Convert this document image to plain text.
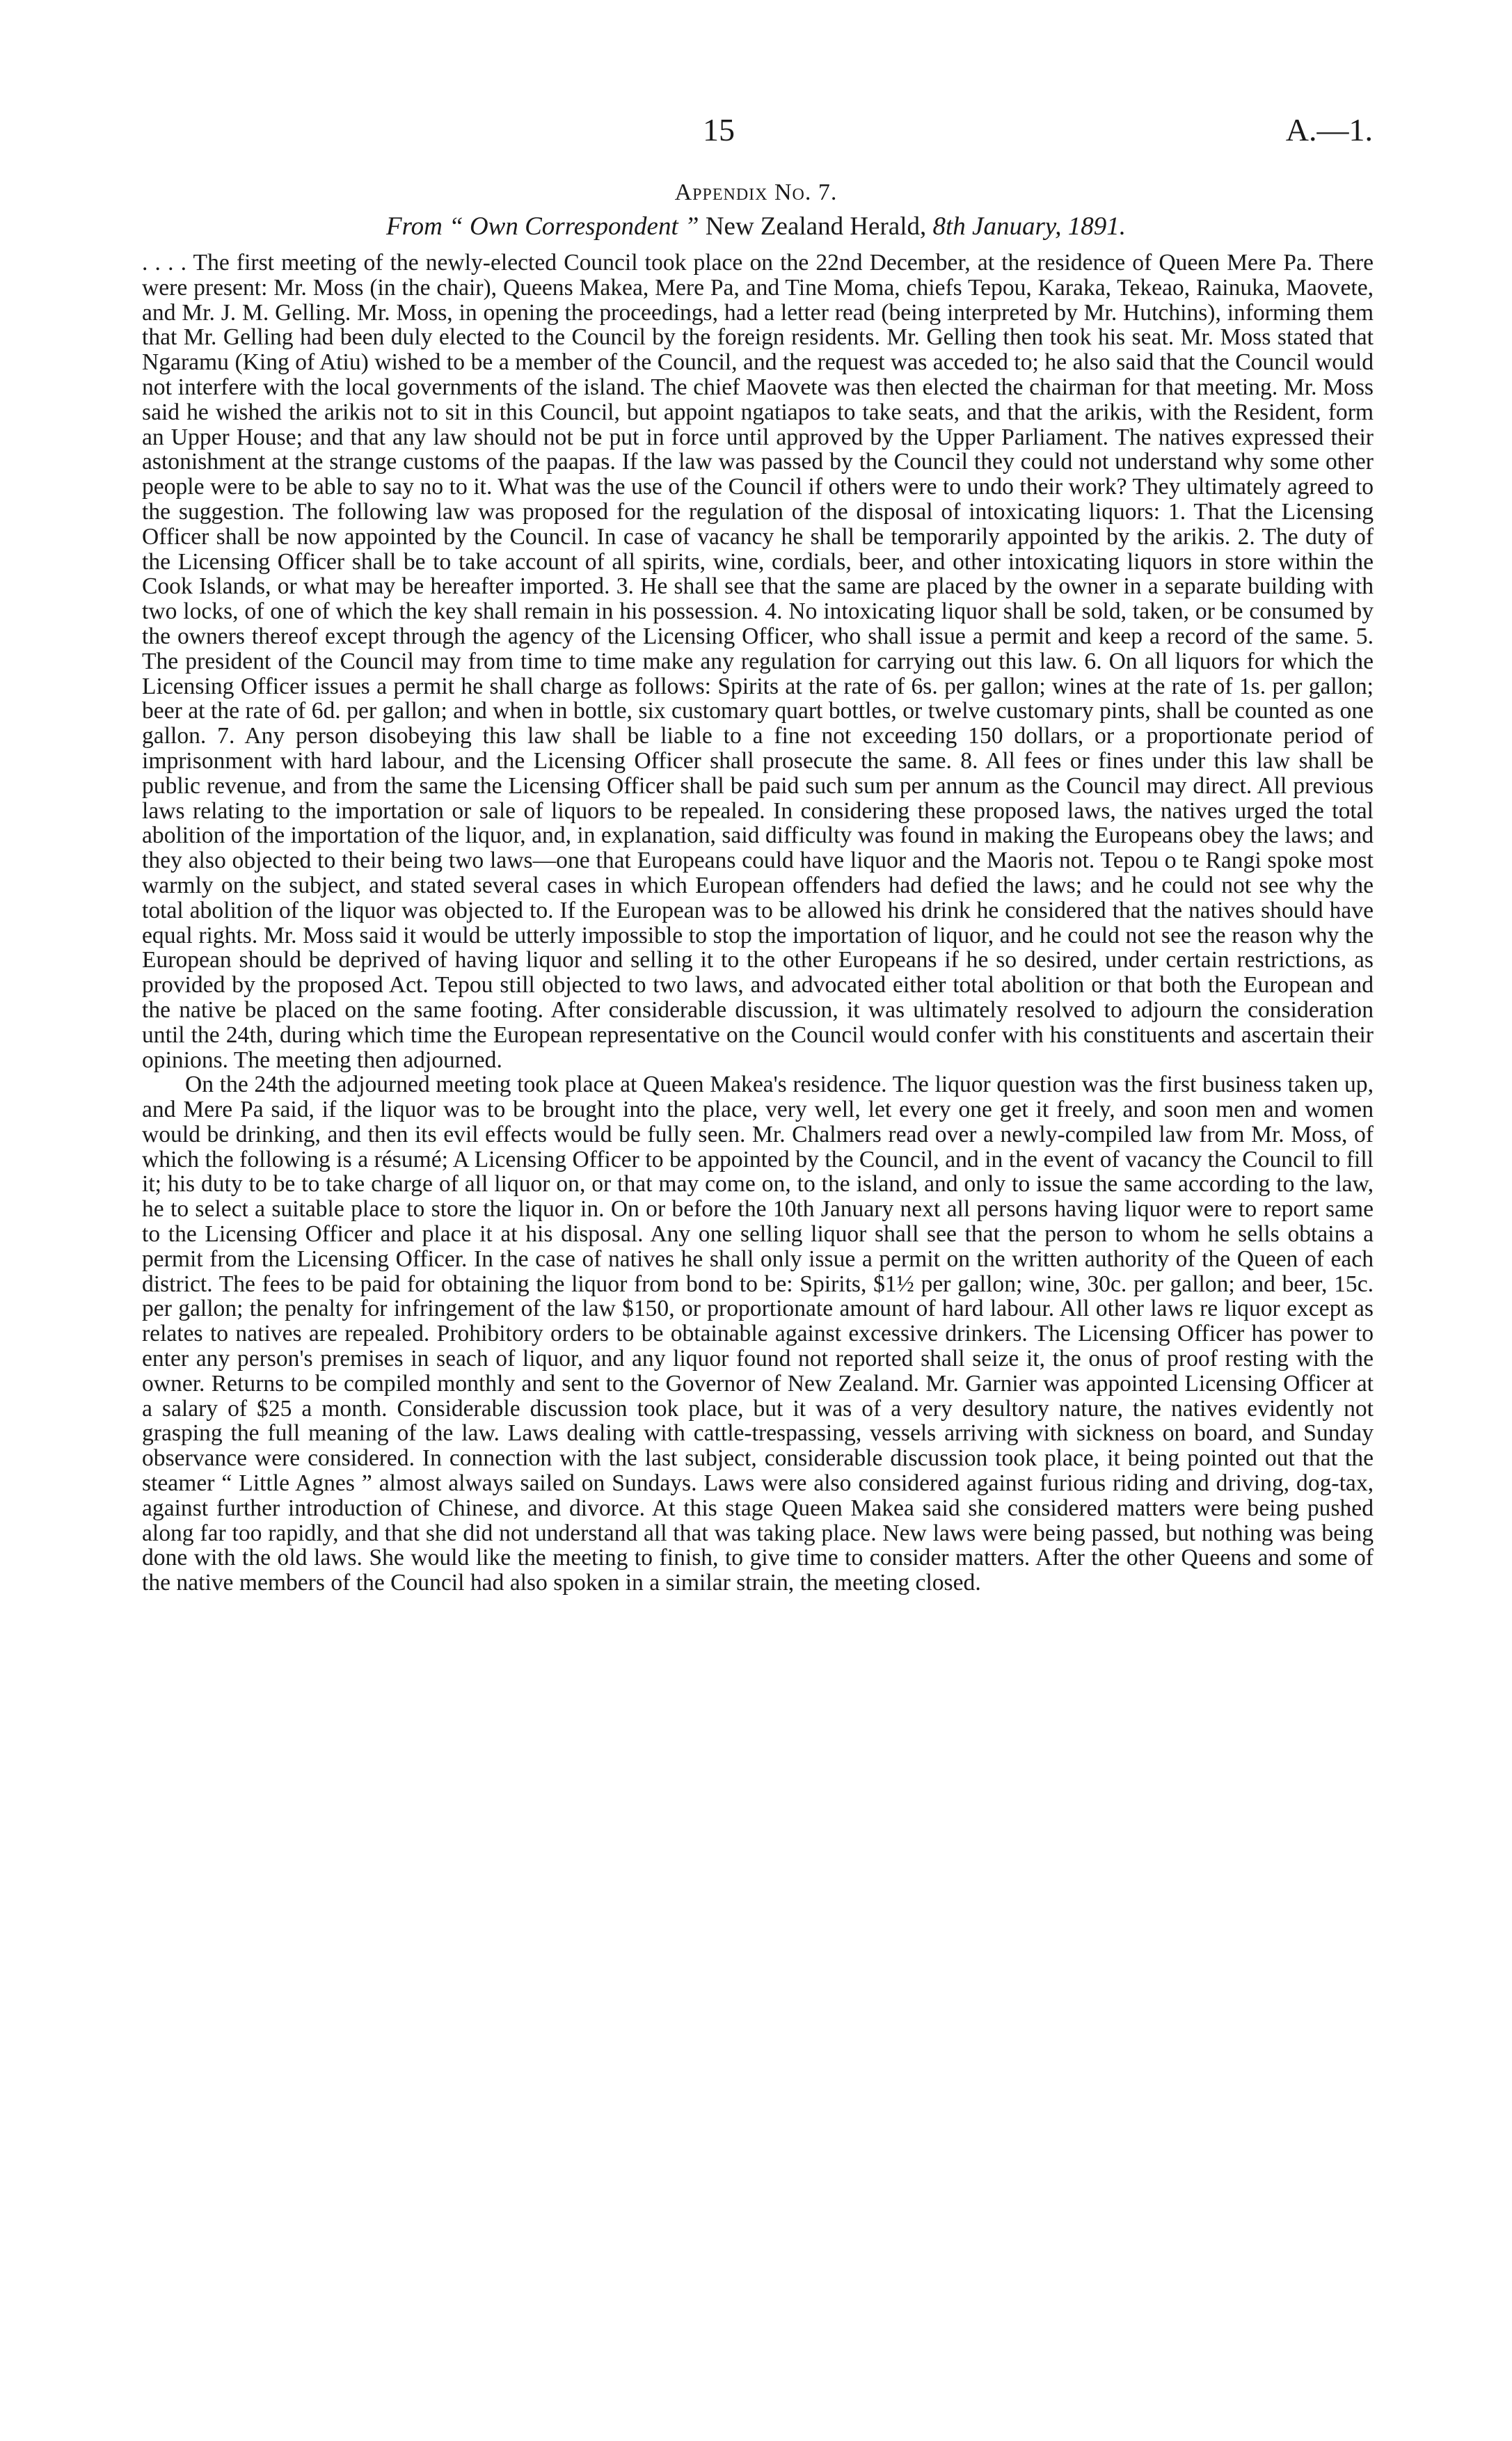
15	A.—1.
Appendix No. 7.
From “ Own Correspondent ” New Zealand Herald, 8th January, 1891.

. . . . The first meeting of the newly-elected Council took place on the 22nd December, at the residence of Queen Mere Pa. There were present: Mr. Moss (in the chair), Queens Makea, Mere Pa, and Tine Moma, chiefs Tepou, Karaka, Tekeao, Rainuka, Maovete, and Mr. J. M. Gelling. Mr. Moss, in opening the proceedings, had a letter read (being interpreted by Mr. Hutchins), informing them that Mr. Gelling had been duly elected to the Council by the foreign residents. Mr. Gelling then took his seat. Mr. Moss stated that Ngaramu (King of Atiu) wished to be a member of the Council, and the request was acceded to; he also said that the Council would not interfere with the local governments of the island. The chief Maovete was then elected the chairman for that meeting. Mr. Moss said he wished the arikis not to sit in this Council, but appoint ngatiapos to take seats, and that the arikis, with the Resident, form an Upper House; and that any law should not be put in force until approved by the Upper Parliament. The natives expressed their astonishment at the strange customs of the paapas. If the law was passed by the Council they could not understand why some other people were to be able to say no to it. What was the use of the Council if others were to undo their work? They ultimately agreed to the suggestion. The following law was proposed for the regulation of the disposal of intoxicating liquors: 1. That the Licensing Officer shall be now appointed by the Council. In case of vacancy he shall be temporarily appointed by the arikis. 2. The duty of the Licensing Officer shall be to take account of all spirits, wine, cordials, beer, and other intoxicating liquors in store within the Cook Islands, or what may be hereafter imported. 3. He shall see that the same are placed by the owner in a separate building with two locks, of one of which the key shall remain in his possession. 4. No intoxicating liquor shall be sold, taken, or be consumed by the owners thereof except through the agency of the Licensing Officer, who shall issue a permit and keep a record of the same. 5. The president of the Council may from time to time make any regulation for carrying out this law. 6. On all liquors for which the Licensing Officer issues a permit he shall charge as follows: Spirits at the rate of 6s. per gallon; wines at the rate of 1s. per gallon; beer at the rate of 6d. per gallon; and when in bottle, six customary quart bottles, or twelve customary pints, shall be counted as one gallon. 7. Any person disobeying this law shall be liable to a fine not exceeding 150 dollars, or a proportionate period of imprisonment with hard labour, and the Licensing Officer shall prosecute the same. 8. All fees or fines under this law shall be public revenue, and from the same the Licensing Officer shall be paid such sum per annum as the Council may direct. All previous laws relating to the importation or sale of liquors to be repealed. In considering these proposed laws, the natives urged the total abolition of the importation of the liquor, and, in explanation, said difficulty was found in making the Europeans obey the laws; and they also objected to their being two laws—one that Europeans could have liquor and the Maoris not. Tepou o te Rangi spoke most warmly on the subject, and stated several cases in which European offenders had defied the laws; and he could not see why the total abolition of the liquor was objected to. If the European was to be allowed his drink he considered that the natives should have equal rights. Mr. Moss said it would be utterly impossible to stop the importation of liquor, and he could not see the reason why the European should be deprived of having liquor and selling it to the other Europeans if he so desired, under certain restrictions, as provided by the proposed Act. Tepou still objected to two laws, and advocated either total abolition or that both the European and the native be placed on the same footing. After considerable discussion, it was ultimately resolved to adjourn the consideration until the 24th, during which time the European representative on the Council would confer with his constituents and ascertain their opinions. The meeting then adjourned.

On the 24th the adjourned meeting took place at Queen Makea's residence. The liquor question was the first business taken up, and Mere Pa said, if the liquor was to be brought into the place, very well, let every one get it freely, and soon men and women would be drinking, and then its evil effects would be fully seen. Mr. Chalmers read over a newly-compiled law from Mr. Moss, of which the following is a résumé; A Licensing Officer to be appointed by the Council, and in the event of vacancy the Council to fill it; his duty to be to take charge of all liquor on, or that may come on, to the island, and only to issue the same according to the law, he to select a suitable place to store the liquor in. On or before the 10th January next all persons having liquor were to report same to the Licensing Officer and place it at his disposal. Any one selling liquor shall see that the person to whom he sells obtains a permit from the Licensing Officer. In the case of natives he shall only issue a permit on the written authority of the Queen of each district. The fees to be paid for obtaining the liquor from bond to be: Spirits, $1½ per gallon; wine, 30c. per gallon; and beer, 15c. per gallon; the penalty for infringement of the law $150, or proportionate amount of hard labour. All other laws re liquor except as relates to natives are repealed. Prohibitory orders to be obtainable against excessive drinkers. The Licensing Officer has power to enter any person's premises in seach of liquor, and any liquor found not reported shall seize it, the onus of proof resting with the owner. Returns to be compiled monthly and sent to the Governor of New Zealand. Mr. Garnier was appointed Licensing Officer at a salary of $25 a month. Considerable discussion took place, but it was of a very desultory nature, the natives evidently not grasping the full meaning of the law. Laws dealing with cattle-trespassing, vessels arriving with sickness on board, and Sunday observance were considered. In connection with the last subject, considerable discussion took place, it being pointed out that the steamer “ Little Agnes ” almost always sailed on Sundays. Laws were also considered against furious riding and driving, dog-tax, against further introduction of Chinese, and divorce. At this stage Queen Makea said she considered matters were being pushed along far too rapidly, and that she did not understand all that was taking place. New laws were being passed, but nothing was being done with the old laws. She would like the meeting to finish, to give time to consider matters. After the other Queens and some of the native members of the Council had also spoken in a similar strain, the meeting closed.
